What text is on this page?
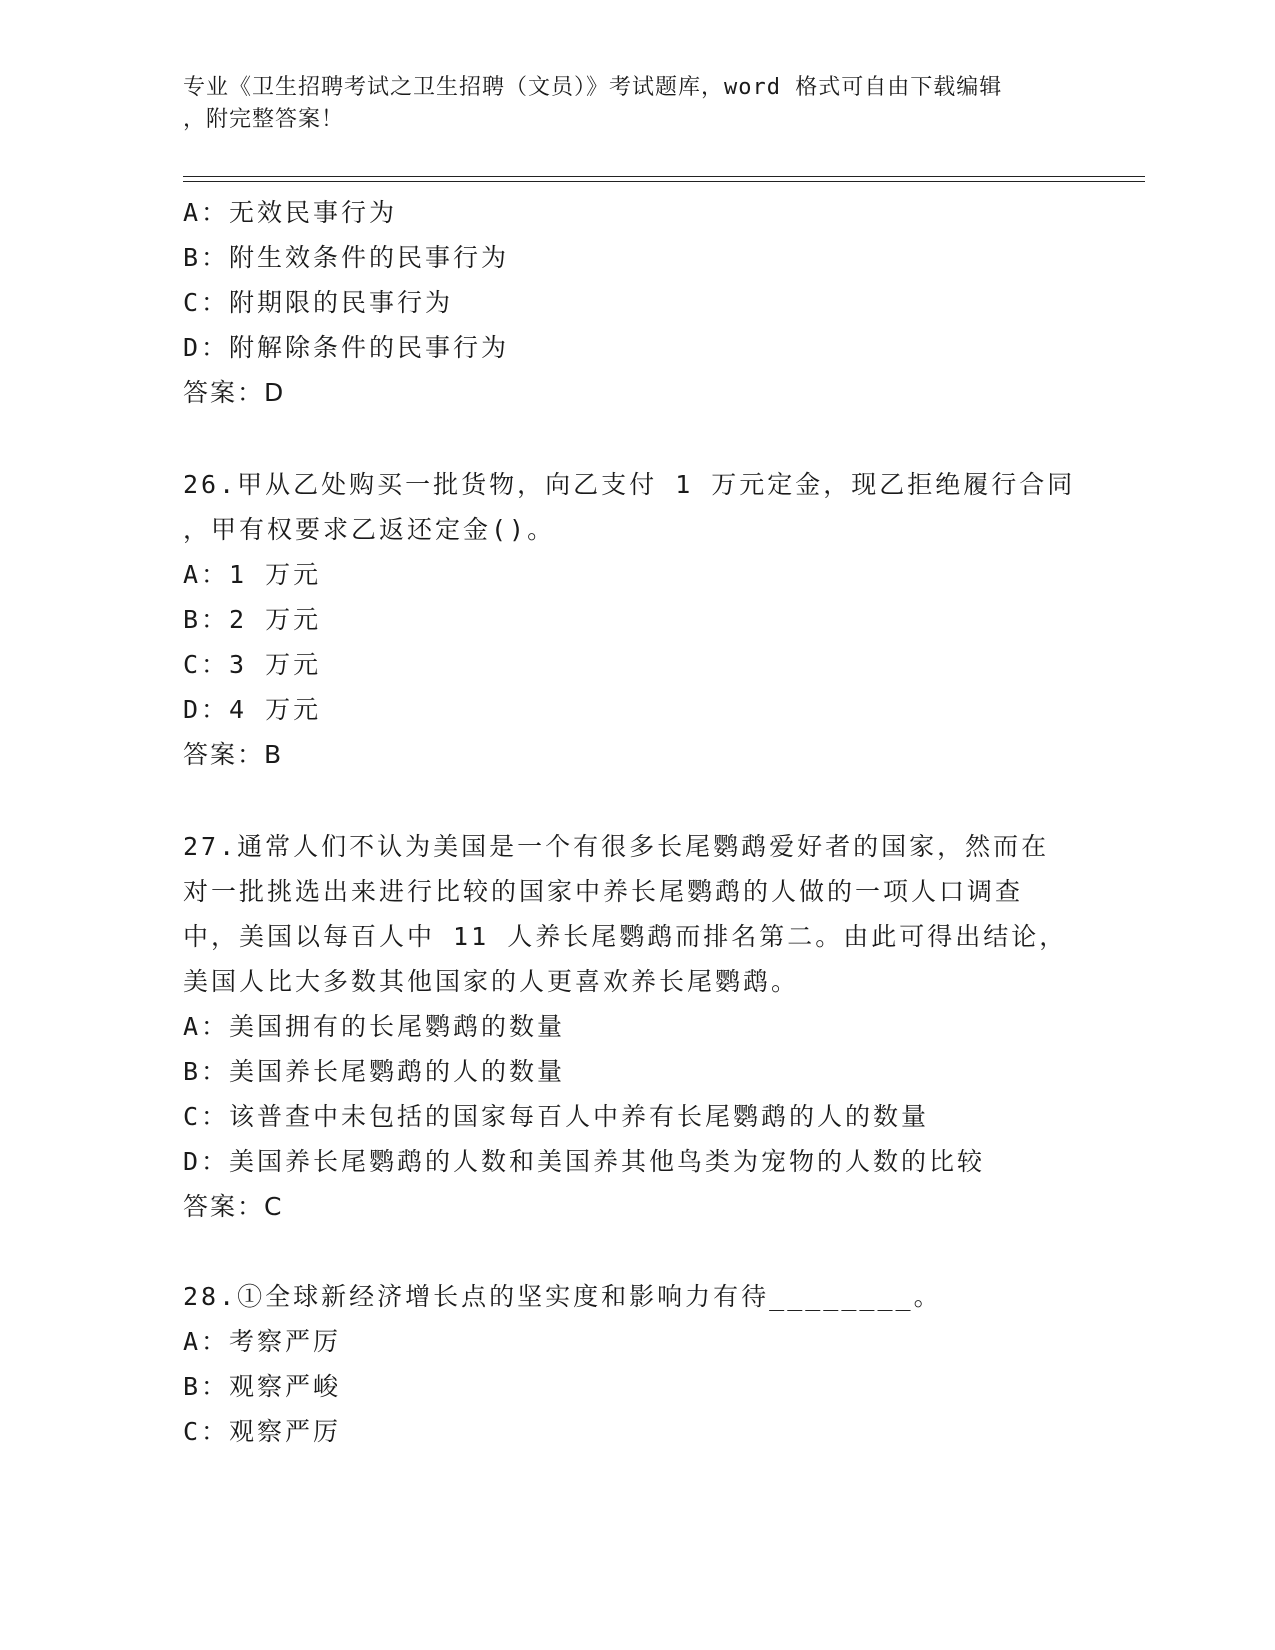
专业《卫生招聘考试之卫生招聘（文员）》考试题库，word 格式可自由下载编辑
，附完整答案！
A：无效民事行为
B：附生效条件的民事行为
C：附期限的民事行为
D：附解除条件的民事行为
答案：D
26.甲从乙处购买一批货物，向乙支付 1 万元定金，现乙拒绝履行合同
，甲有权要求乙返还定金()。
A：1 万元
B：2 万元
C：3 万元
D：4 万元
答案：B
27.通常人们不认为美国是一个有很多长尾鹦鹉爱好者的国家，然而在
对一批挑选出来进行比较的国家中养长尾鹦鹉的人做的一项人口调查
中，美国以每百人中 11 人养长尾鹦鹉而排名第二。由此可得出结论，
美国人比大多数其他国家的人更喜欢养长尾鹦鹉。
A：美国拥有的长尾鹦鹉的数量
B：美国养长尾鹦鹉的人的数量
C：该普查中未包括的国家每百人中养有长尾鹦鹉的人的数量
D：美国养长尾鹦鹉的人数和美国养其他鸟类为宠物的人数的比较
答案：C
28.①全球新经济增长点的坚实度和影响力有待________。
A：考察严厉
B：观察严峻
C：观察严厉
